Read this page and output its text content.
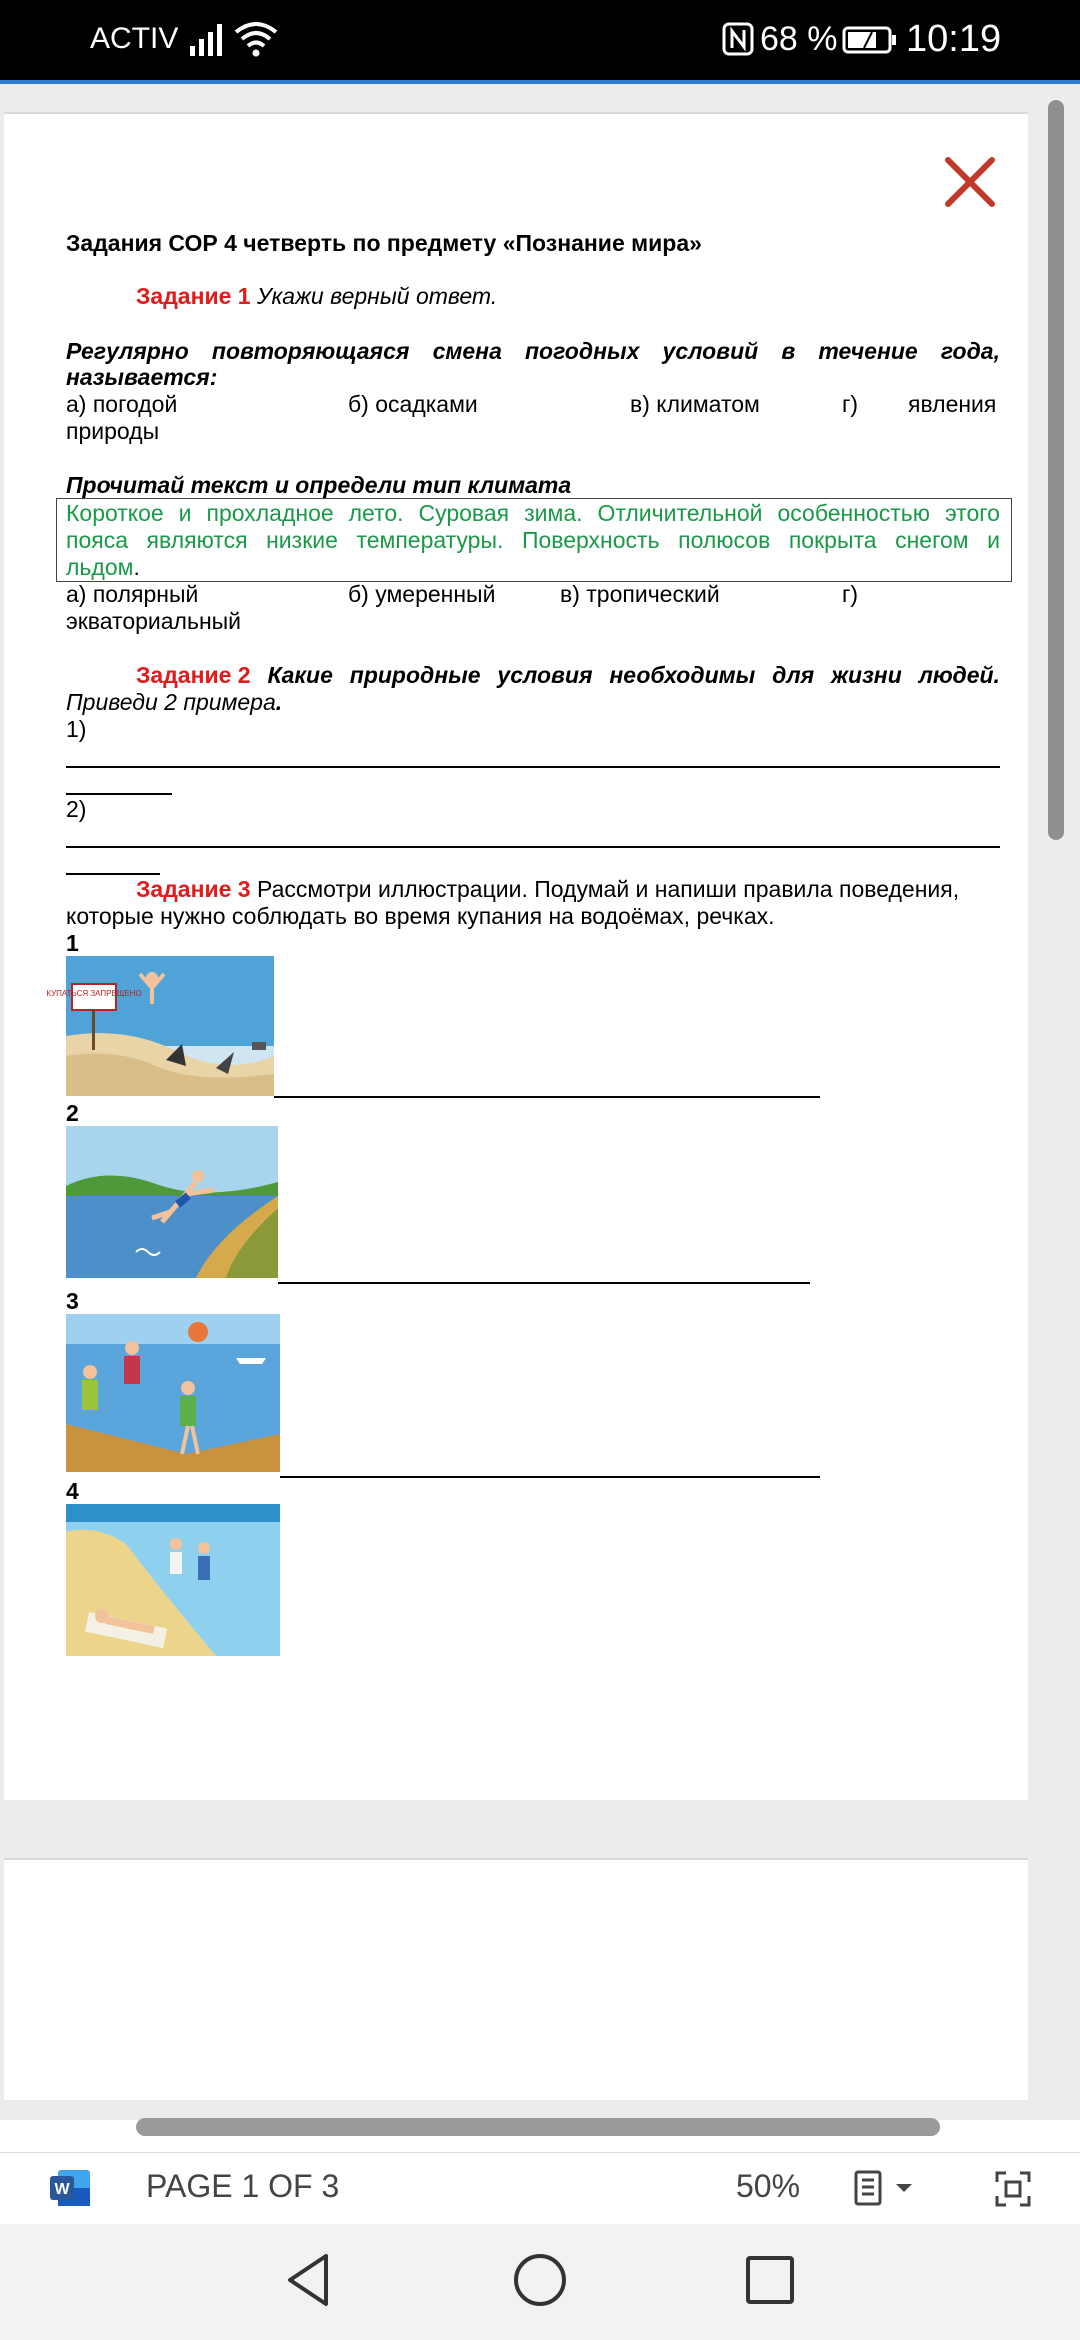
ACTIV	68 % 10:19
Задания СОР 4 четверть по предмету «Познание мира»
Задание 1 Укажи верный ответ.
Регулярно повторяющаяся смена погодных условий в течение года,
называется:
а) погодой	б) осадками	в) климатом	г) явления
природы
Прочитай текст и определи тип климата
Короткое и прохладное лето. Суровая зима. Отличительной особенностью этого
пояса являются низкие температуры. Поверхность полюсов покрыта снегом и
льдом.
а) полярный	б) умеренный	в) тропический	г)
экваториальный
Задание 2 Какие природные условия необходимы для жизни людей.
Приведи 2 примера.
1)
2)
Задание 3 Рассмотри иллюстрации. Подумай и напиши правила поведения,
которые нужно соблюдать во время купания на водоёмах, речках.
1
КУПАТЬСЯ ЗАПРЕЩЕНО
2
3
4
W PAGE 1 OF 3	50%
